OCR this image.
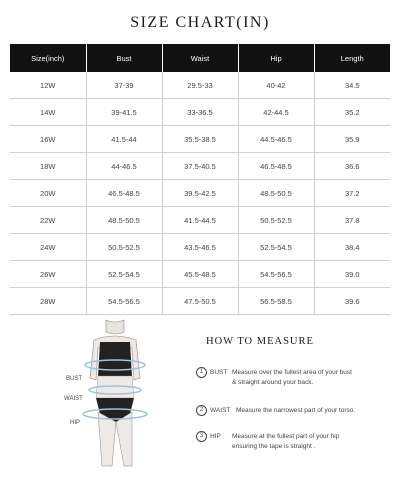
SIZE CHART(IN)
Size(inch)	Bust	Waist	Hip	Length
12W	37-39	29.5-33	40-42	34.5
14W	39-41.5	33-36.5	42-44.5	35.2
16W	41.5-44	35.5-38.5	44.5-46.5	35.9
18W	44-46.5	37.5-40.5	46.5-48.5	36.6
20W	46.5-48.5	39.5-42.5	48.5-50.5	37.2
22W	48.5-50.5	41.5-44.5	50.5-52.5	37.8
24W	50.5-52.5	43.5-46.5	52.5-54.5	38.4
26W	52.5-54.5	45.5-48.5	54.5-56.5	39.0
28W	54.5-56.5	47.5-50.5	56.5-58.5	39.6
BUST
WAIST
HIP
HOW TO MEASURE
1	BUST Measure over the fullest area of your bust & straight around your back.
2	WAIST Measure the narrowest part of your torso.
3	HIP Measure at the fullest part of your hip ensuring the tape is straight .
